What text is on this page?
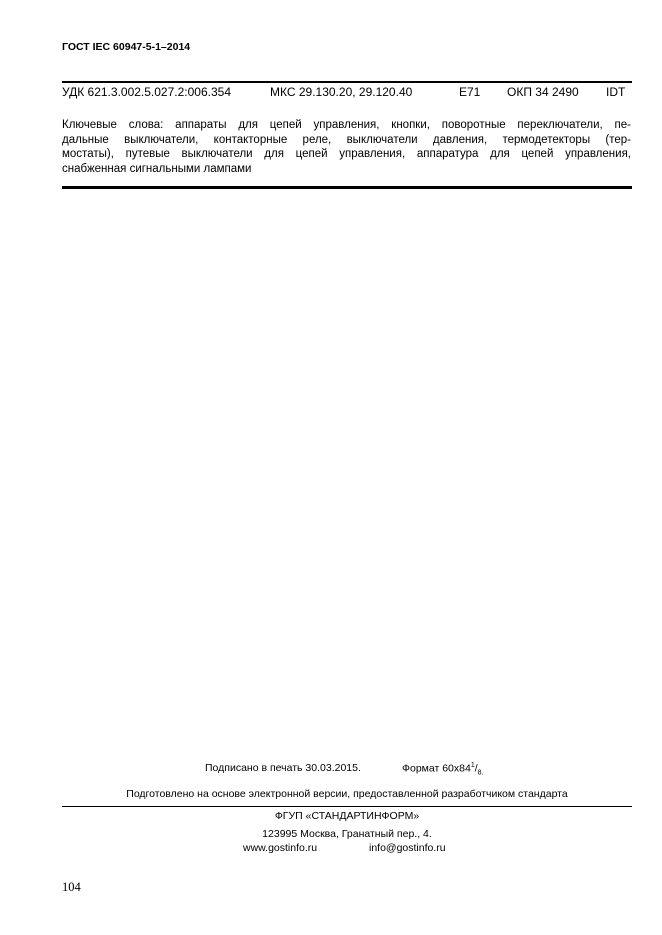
ГОСТ IEC 60947-5-1–2014
УДК 621.3.002.5.027.2:006.354	МКС 29.130.20, 29.120.40	Е71 ОКП 34 2490 IDT
Ключевые слова: аппараты для цепей управления, кнопки, поворотные переключатели, пе-
дальные выключатели, контакторные реле, выключатели давления, термодетекторы (тер-
мостаты), путевые выключатели для цепей управления, аппаратура для цепей управления,
снабженная сигнальными лампами
Подписано в печать 30.03.2015.	Формат $60x84^1/_{8.}$
Подготовлено на основе электронной версии, предоставленной разработчиком стандарта
ФГУП «СТАНДАРТИНФОРМ»
123995 Москва, Гранатный пер., 4.
www.gostinfo.ru	info@gostinfo.ru
104
